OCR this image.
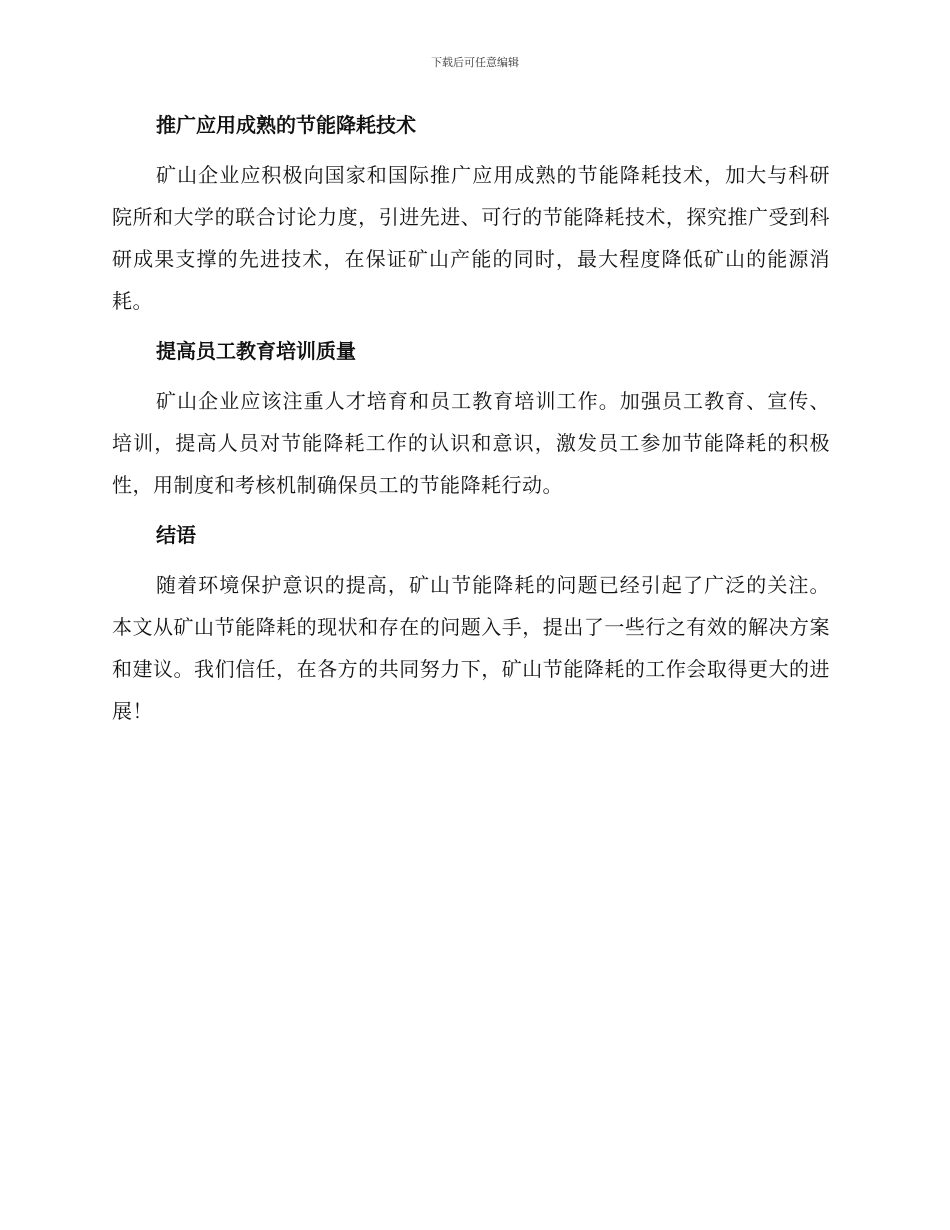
下载后可任意编辑
推广应用成熟的节能降耗技术

矿山企业应积极向国家和国际推广应用成熟的节能降耗技术，加大与科研院所和大学的联合讨论力度，引进先进、可行的节能降耗技术，探究推广受到科研成果支撑的先进技术，在保证矿山产能的同时，最大程度降低矿山的能源消耗。

提高员工教育培训质量

矿山企业应该注重人才培育和员工教育培训工作。加强员工教育、宣传、培训，提高人员对节能降耗工作的认识和意识，激发员工参加节能降耗的积极性，用制度和考核机制确保员工的节能降耗行动。

结语

随着环境保护意识的提高，矿山节能降耗的问题已经引起了广泛的关注。本文从矿山节能降耗的现状和存在的问题入手，提出了一些行之有效的解决方案和建议。我们信任，在各方的共同努力下，矿山节能降耗的工作会取得更大的进展！
